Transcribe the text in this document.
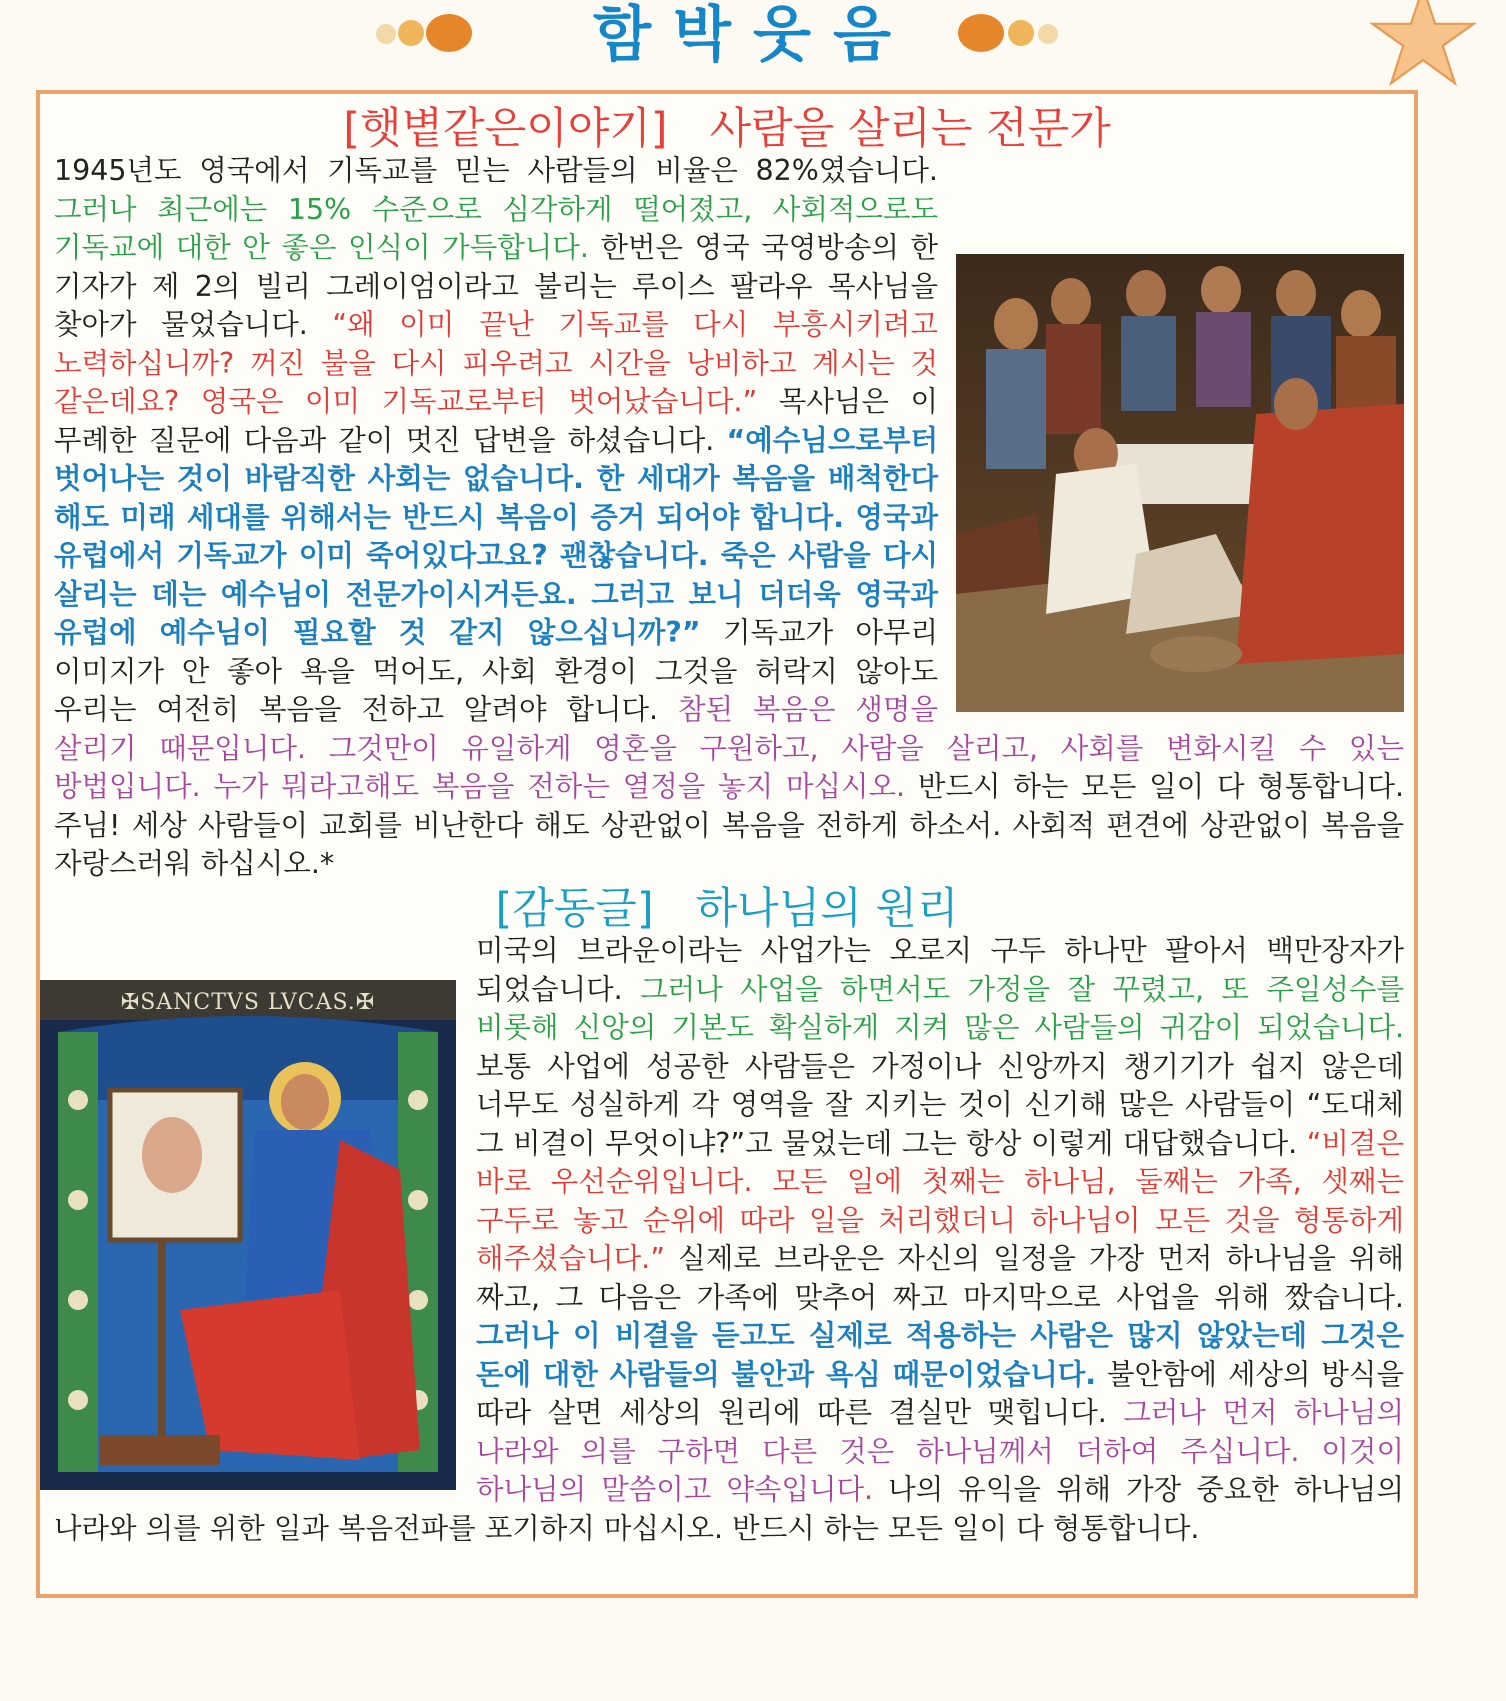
함박웃음
[햇볕같은이야기] 사람을 살리는 전문가
1945년도 영국에서 기독교를 믿는 사람들의 비율은 82%였습니다. 그러나 최근에는 15% 수준으로 심각하게 떨어졌고, 사회적으로도 기독교에 대한 안 좋은 인식이 가득합니다. 한번은 영국 국영방송의 한 기자가 제 2의 빌리 그레이엄이라고 불리는 루이스 팔라우 목사님을 찾아가 물었습니다. “왜 이미 끝난 기독교를 다시 부흥시키려고 노력하십니까? 꺼진 불을 다시 피우려고 시간을 낭비하고 계시는 것 같은데요? 영국은 이미 기독교로부터 벗어났습니다.” 목사님은 이 무례한 질문에 다음과 같이 멋진 답변을 하셨습니다. “예수님으로부터 벗어나는 것이 바람직한 사회는 없습니다. 한 세대가 복음을 배척한다 해도 미래 세대를 위해서는 반드시 복음이 증거 되어야 합니다. 영국과 유럽에서 기독교가 이미 죽어있다고요? 괜찮습니다. 죽은 사람을 다시 살리는 데는 예수님이 전문가이시거든요. 그러고 보니 더더욱 영국과 유럽에 예수님이 필요할 것 같지 않으십니까?” 기독교가 아무리 이미지가 안 좋아 욕을 먹어도, 사회 환경이 그것을 허락지 않아도 우리는 여전히 복음을 전하고 알려야 합니다. 참된 복음은 생명을 살리기 때문입니다. 그것만이 유일하게 영혼을 구원하고, 사람을 살리고, 사회를 변화시킬 수 있는 방법입니다. 누가 뭐라고해도 복음을 전하는 열정을 놓지 마십시오. 반드시 하는 모든 일이 다 형통합니다. 주님! 세상 사람들이 교회를 비난한다 해도 상관없이 복음을 전하게 하소서. 사회적 편견에 상관없이 복음을 자랑스러워 하십시오.*
[감동글] 하나님의 원리
✠SANCTVS LVCAS.✠
미국의 브라운이라는 사업가는 오로지 구두 하나만 팔아서 백만장자가 되었습니다. 그러나 사업을 하면서도 가정을 잘 꾸렸고, 또 주일성수를 비롯해 신앙의 기본도 확실하게 지켜 많은 사람들의 귀감이 되었습니다. 보통 사업에 성공한 사람들은 가정이나 신앙까지 챙기기가 쉽지 않은데 너무도 성실하게 각 영역을 잘 지키는 것이 신기해 많은 사람들이 “도대체 그 비결이 무엇이냐?”고 물었는데 그는 항상 이렇게 대답했습니다. “비결은 바로 우선순위입니다. 모든 일에 첫째는 하나님, 둘째는 가족, 셋째는 구두로 놓고 순위에 따라 일을 처리했더니 하나님이 모든 것을 형통하게 해주셨습니다.” 실제로 브라운은 자신의 일정을 가장 먼저 하나님을 위해 짜고, 그 다음은 가족에 맞추어 짜고 마지막으로 사업을 위해 짰습니다. 그러나 이 비결을 듣고도 실제로 적용하는 사람은 많지 않았는데 그것은 돈에 대한 사람들의 불안과 욕심 때문이었습니다. 불안함에 세상의 방식을 따라 살면 세상의 원리에 따른 결실만 맺힙니다. 그러나 먼저 하나님의 나라와 의를 구하면 다른 것은 하나님께서 더하여 주십니다. 이것이 하나님의 말씀이고 약속입니다. 나의 유익을 위해 가장 중요한 하나님의 나라와 의를 위한 일과 복음전파를 포기하지 마십시오. 반드시 하는 모든 일이 다 형통합니다.
